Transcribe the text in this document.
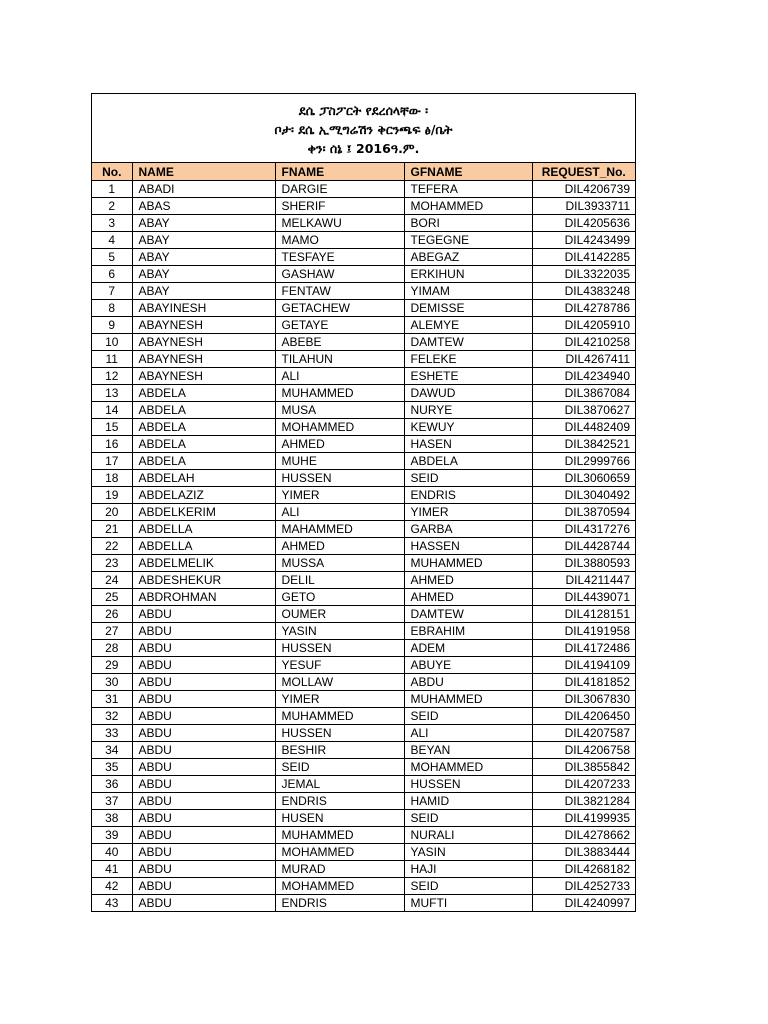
ደሴ ፓስፖርት የደረሰላቸው ፡
ቦታ፡ ደሴ ኢሚግሬሽን ቅርንጫፍ ፅ/ቤት
ቀን፡ ሰኔ ፤ 2016ዓ.ም.
No.	NAME	FNAME	GFNAME	REQUEST_No.
1	ABADI	DARGIE	TEFERA	DIL4206739
2	ABAS	SHERIF	MOHAMMED	DIL3933711
3	ABAY	MELKAWU	BORI	DIL4205636
4	ABAY	MAMO	TEGEGNE	DIL4243499
5	ABAY	TESFAYE	ABEGAZ	DIL4142285
6	ABAY	GASHAW	ERKIHUN	DIL3322035
7	ABAY	FENTAW	YIMAM	DIL4383248
8	ABAYINESH	GETACHEW	DEMISSE	DIL4278786
9	ABAYNESH	GETAYE	ALEMYE	DIL4205910
10	ABAYNESH	ABEBE	DAMTEW	DIL4210258
11	ABAYNESH	TILAHUN	FELEKE	DIL4267411
12	ABAYNESH	ALI	ESHETE	DIL4234940
13	ABDELA	MUHAMMED	DAWUD	DIL3867084
14	ABDELA	MUSA	NURYE	DIL3870627
15	ABDELA	MOHAMMED	KEWUY	DIL4482409
16	ABDELA	AHMED	HASEN	DIL3842521
17	ABDELA	MUHE	ABDELA	DIL2999766
18	ABDELAH	HUSSEN	SEID	DIL3060659
19	ABDELAZIZ	YIMER	ENDRIS	DIL3040492
20	ABDELKERIM	ALI	YIMER	DIL3870594
21	ABDELLA	MAHAMMED	GARBA	DIL4317276
22	ABDELLA	AHMED	HASSEN	DIL4428744
23	ABDELMELIK	MUSSA	MUHAMMED	DIL3880593
24	ABDESHEKUR	DELIL	AHMED	DIL4211447
25	ABDROHMAN	GETO	AHMED	DIL4439071
26	ABDU	OUMER	DAMTEW	DIL4128151
27	ABDU	YASIN	EBRAHIM	DIL4191958
28	ABDU	HUSSEN	ADEM	DIL4172486
29	ABDU	YESUF	ABUYE	DIL4194109
30	ABDU	MOLLAW	ABDU	DIL4181852
31	ABDU	YIMER	MUHAMMED	DIL3067830
32	ABDU	MUHAMMED	SEID	DIL4206450
33	ABDU	HUSSEN	ALI	DIL4207587
34	ABDU	BESHIR	BEYAN	DIL4206758
35	ABDU	SEID	MOHAMMED	DIL3855842
36	ABDU	JEMAL	HUSSEN	DIL4207233
37	ABDU	ENDRIS	HAMID	DIL3821284
38	ABDU	HUSEN	SEID	DIL4199935
39	ABDU	MUHAMMED	NURALI	DIL4278662
40	ABDU	MOHAMMED	YASIN	DIL3883444
41	ABDU	MURAD	HAJI	DIL4268182
42	ABDU	MOHAMMED	SEID	DIL4252733
43	ABDU	ENDRIS	MUFTI	DIL4240997
